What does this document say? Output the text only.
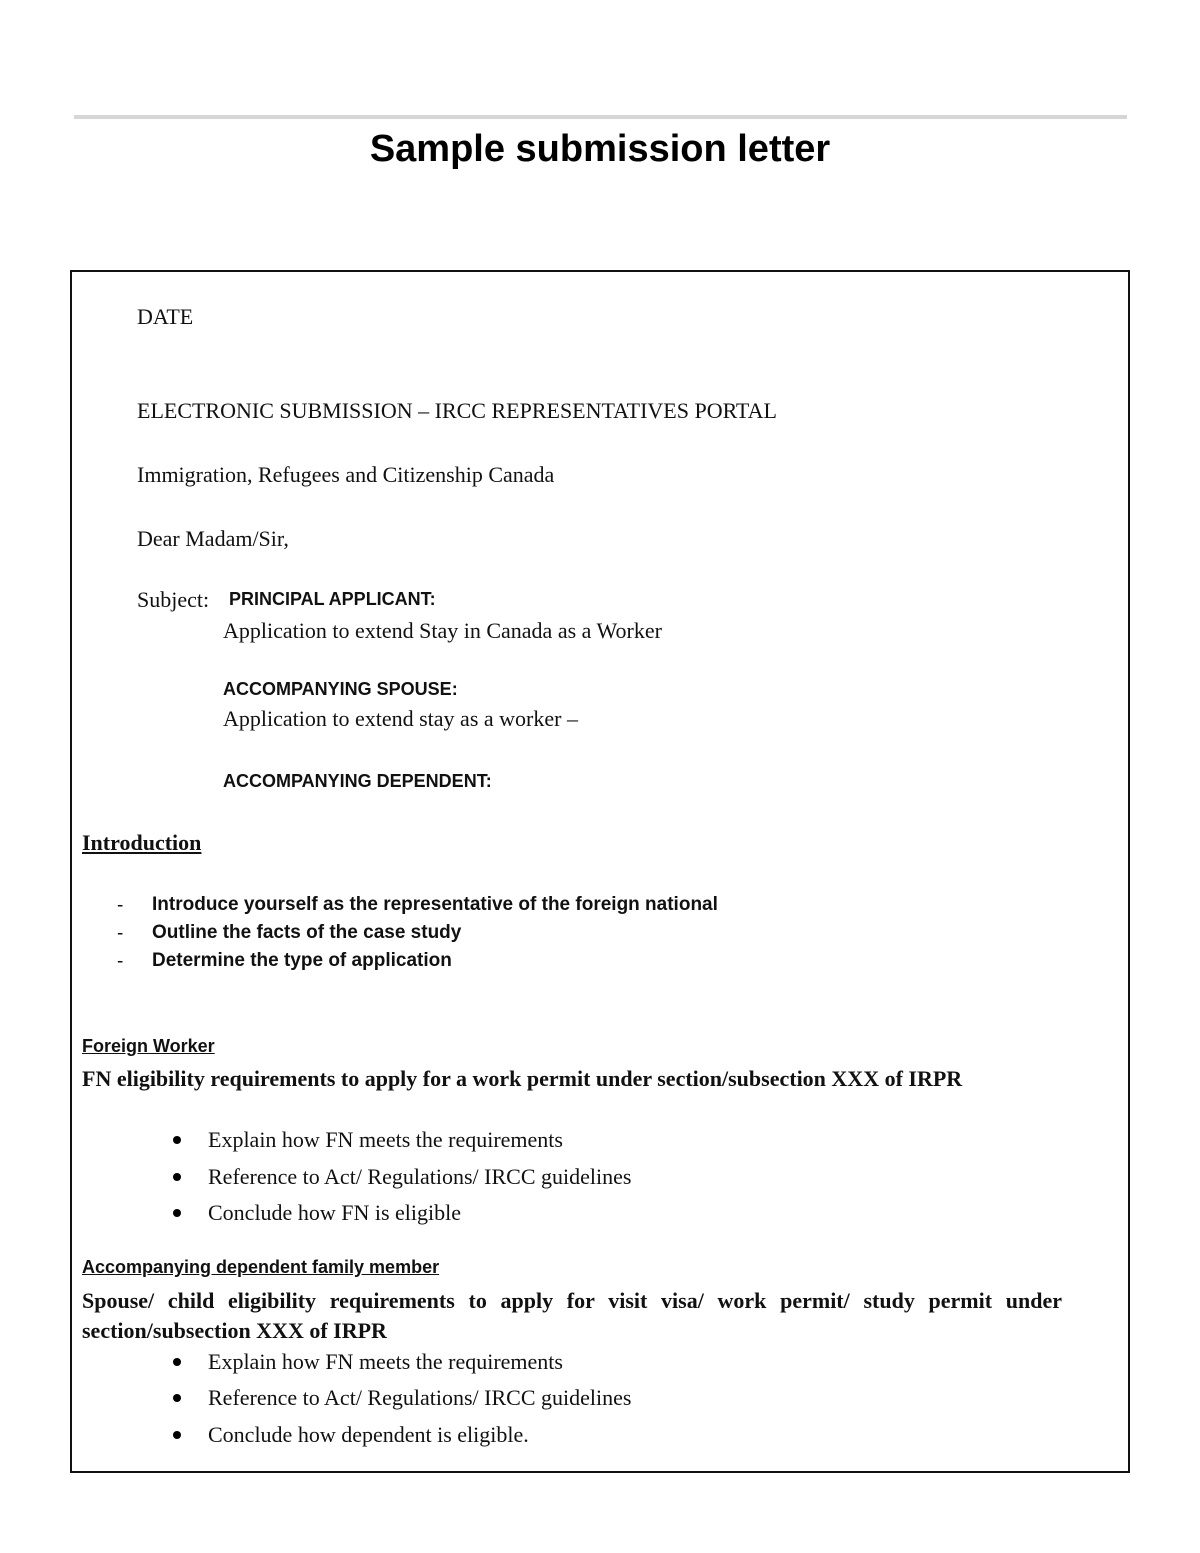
Sample submission letter
DATE
ELECTRONIC SUBMISSION – IRCC REPRESENTATIVES PORTAL
Immigration, Refugees and Citizenship Canada
Dear Madam/Sir,
Subject: PRINCIPAL APPLICANT:
Application to extend Stay in Canada as a Worker
ACCOMPANYING SPOUSE:
Application to extend stay as a worker –
ACCOMPANYING DEPENDENT:
Introduction
- Introduce yourself as the representative of the foreign national
- Outline the facts of the case study
- Determine the type of application
Foreign Worker
FN eligibility requirements to apply for a work permit under section/subsection XXX of IRPR
Explain how FN meets the requirements
Reference to Act/ Regulations/ IRCC guidelines
Conclude how FN is eligible
Accompanying dependent family member
Spouse/ child eligibility requirements to apply for visit visa/ work permit/ study permit under section/subsection XXX of IRPR
Explain how FN meets the requirements
Reference to Act/ Regulations/ IRCC guidelines
Conclude how dependent is eligible.
